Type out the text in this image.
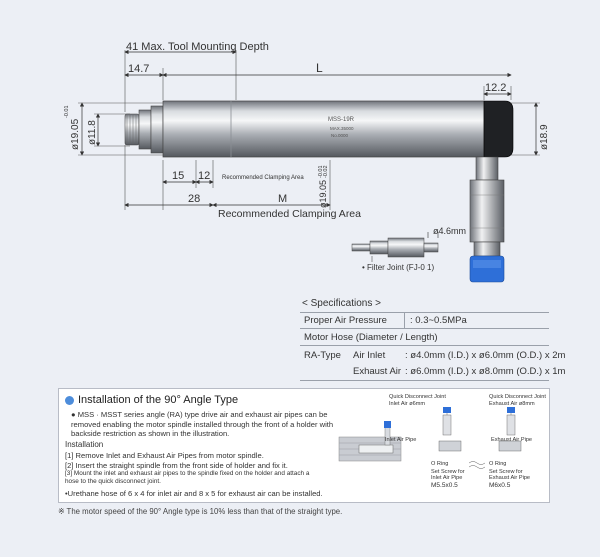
41 Max. Tool Mounting Depth
14.7	L
12.2
15 12 Recommended Clamping Area
28	M
Recommended Clamping Area
ø4.6mm
• Filter Joint (FJ-0 1)
ø19.05
-0.01
ø11.8
ø19.05
-0.01 -0.02
ø18.9
MSS-19R
MAX.35000
No.0000
< Specifications >
Proper Air Pressure : 0.3~0.5MPa
Motor Hose (Diameter / Length)
RA-Type Air Inlet : ø4.0mm (I.D.) x ø6.0mm (O.D.) x 2m
Exhaust Air : ø6.0mm (I.D.) x ø8.0mm (O.D.) x 1m
Installation of the 90° Angle Type
● MSS · MSST series angle (RA) type drive air and exhaust air pipes can be removed enabling the motor spindle installed through the front of a holder with backside restriction as shown in the illustration.
Installation
[1] Remove Inlet and Exhaust Air Pipes from motor spindle.
[2] Insert the straight spindle from the front side of holder and fix it.
[3] Mount the inlet and exhaust air pipes to the spindle fixed on the holder and attach a
hose to the quick disconnect joint.
•Urethane hose of 6 x 4 for inlet air and 8 x 5 for exhaust air can be installed.
Quick Disconnect Joint
Inlet Air ø6mm
Quick Disconnect Joint
Exhaust Air ø8mm
Inlet Air Pipe	Exhaust Air Pipe
O Ring	O Ring
Set Screw for
Inlet Air Pipe
Set Screw for
Exhaust Air Pipe
M5.5x0.5	M6x0.5
※ The motor speed of the 90° Angle type is 10% less than that of the straight type.
